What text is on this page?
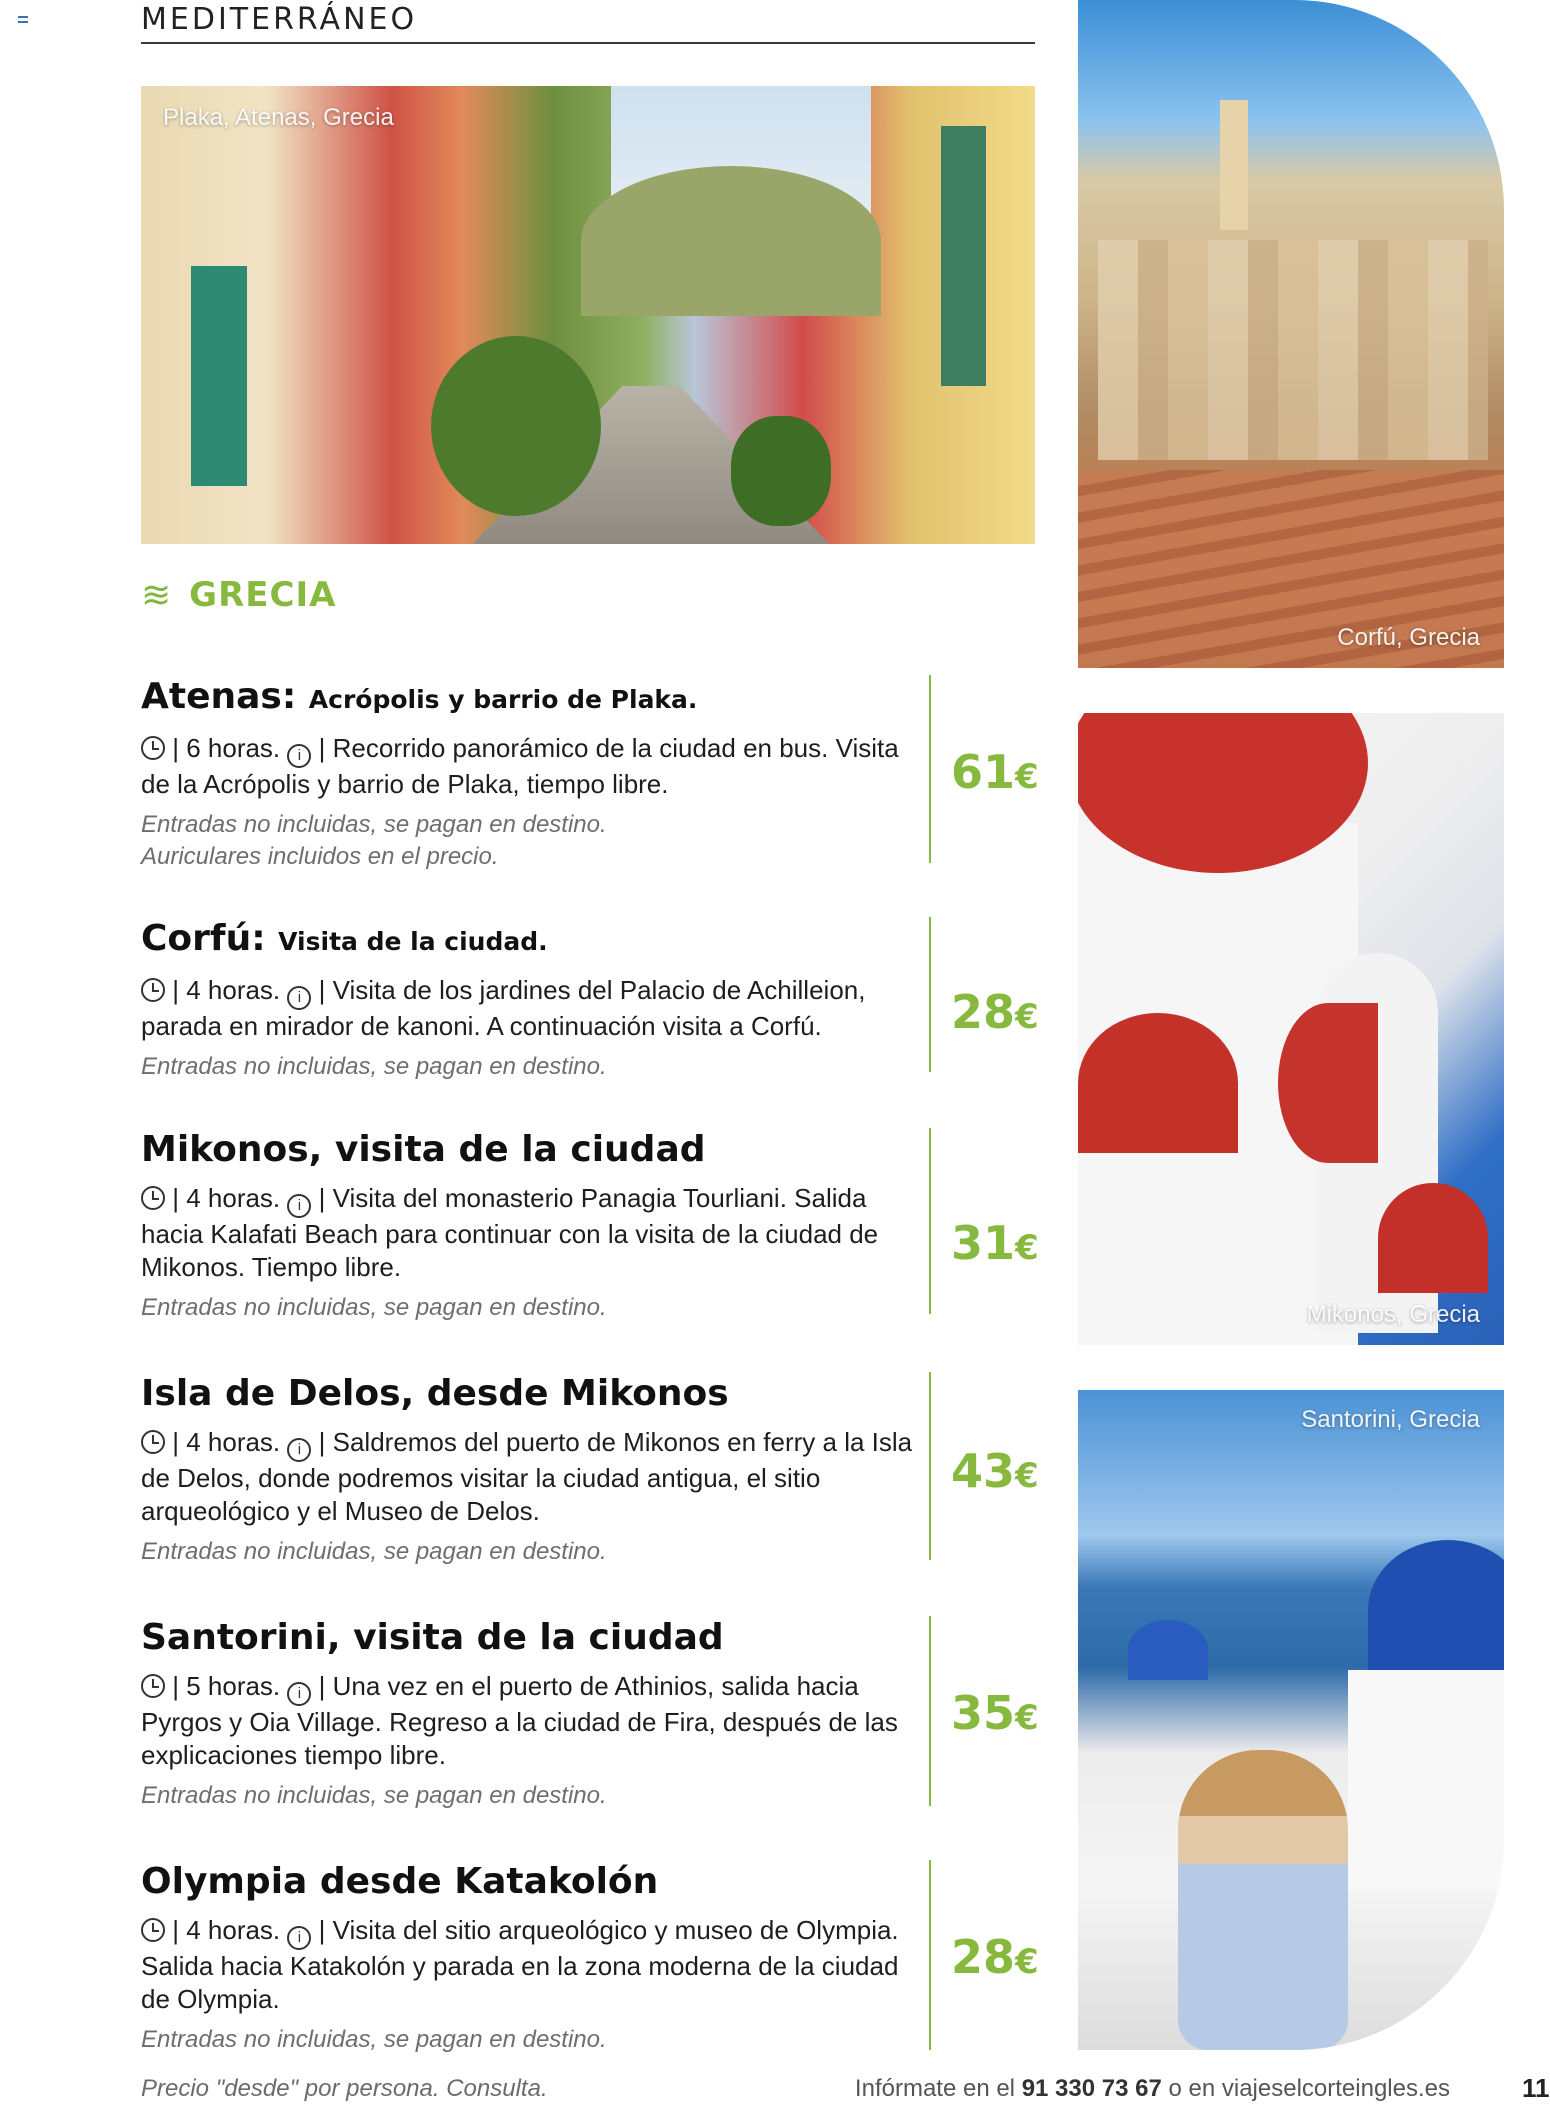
MEDITERRÁNEO
Plaka, Atenas, Grecia
Corfú, Grecia
Mikonos, Grecia
Santorini, Grecia
≋ GRECIA
Atenas: Acrópolis y barrio de Plaka.
| 6 horas. i | Recorrido panorámico de la ciudad en bus. Visita de la Acrópolis y barrio de Plaka, tiempo libre.
Entradas no incluidas, se pagan en destino.
Auriculares incluidos en el precio.
61€
Corfú: Visita de la ciudad.
| 4 horas. i | Visita de los jardines del Palacio de Achilleion, parada en mirador de kanoni. A continuación visita a Corfú.
Entradas no incluidas, se pagan en destino.
28€
Mikonos, visita de la ciudad
| 4 horas. i | Visita del monasterio Panagia Tourliani. Salida hacia Kalafati Beach para continuar con la visita de la ciudad de Mikonos. Tiempo libre.
Entradas no incluidas, se pagan en destino.
31€
Isla de Delos, desde Mikonos
| 4 horas. i | Saldremos del puerto de Mikonos en ferry a la Isla de Delos, donde podremos visitar la ciudad antigua, el sitio arqueológico y el Museo de Delos.
Entradas no incluidas, se pagan en destino.
43€
Santorini, visita de la ciudad
| 5 horas. i | Una vez en el puerto de Athinios, salida hacia Pyrgos y Oia Village. Regreso a la ciudad de Fira, después de las explicaciones tiempo libre.
Entradas no incluidas, se pagan en destino.
35€
Olympia desde Katakolón
| 4 horas. i | Visita del sitio arqueológico y museo de Olympia. Salida hacia Katakolón y parada en la zona moderna de la ciudad de Olympia.
Entradas no incluidas, se pagan en destino.
28€
Precio "desde" por persona. Consulta.	Infórmate en el 91 330 73 67 o en viajeselcorteingles.es	11
